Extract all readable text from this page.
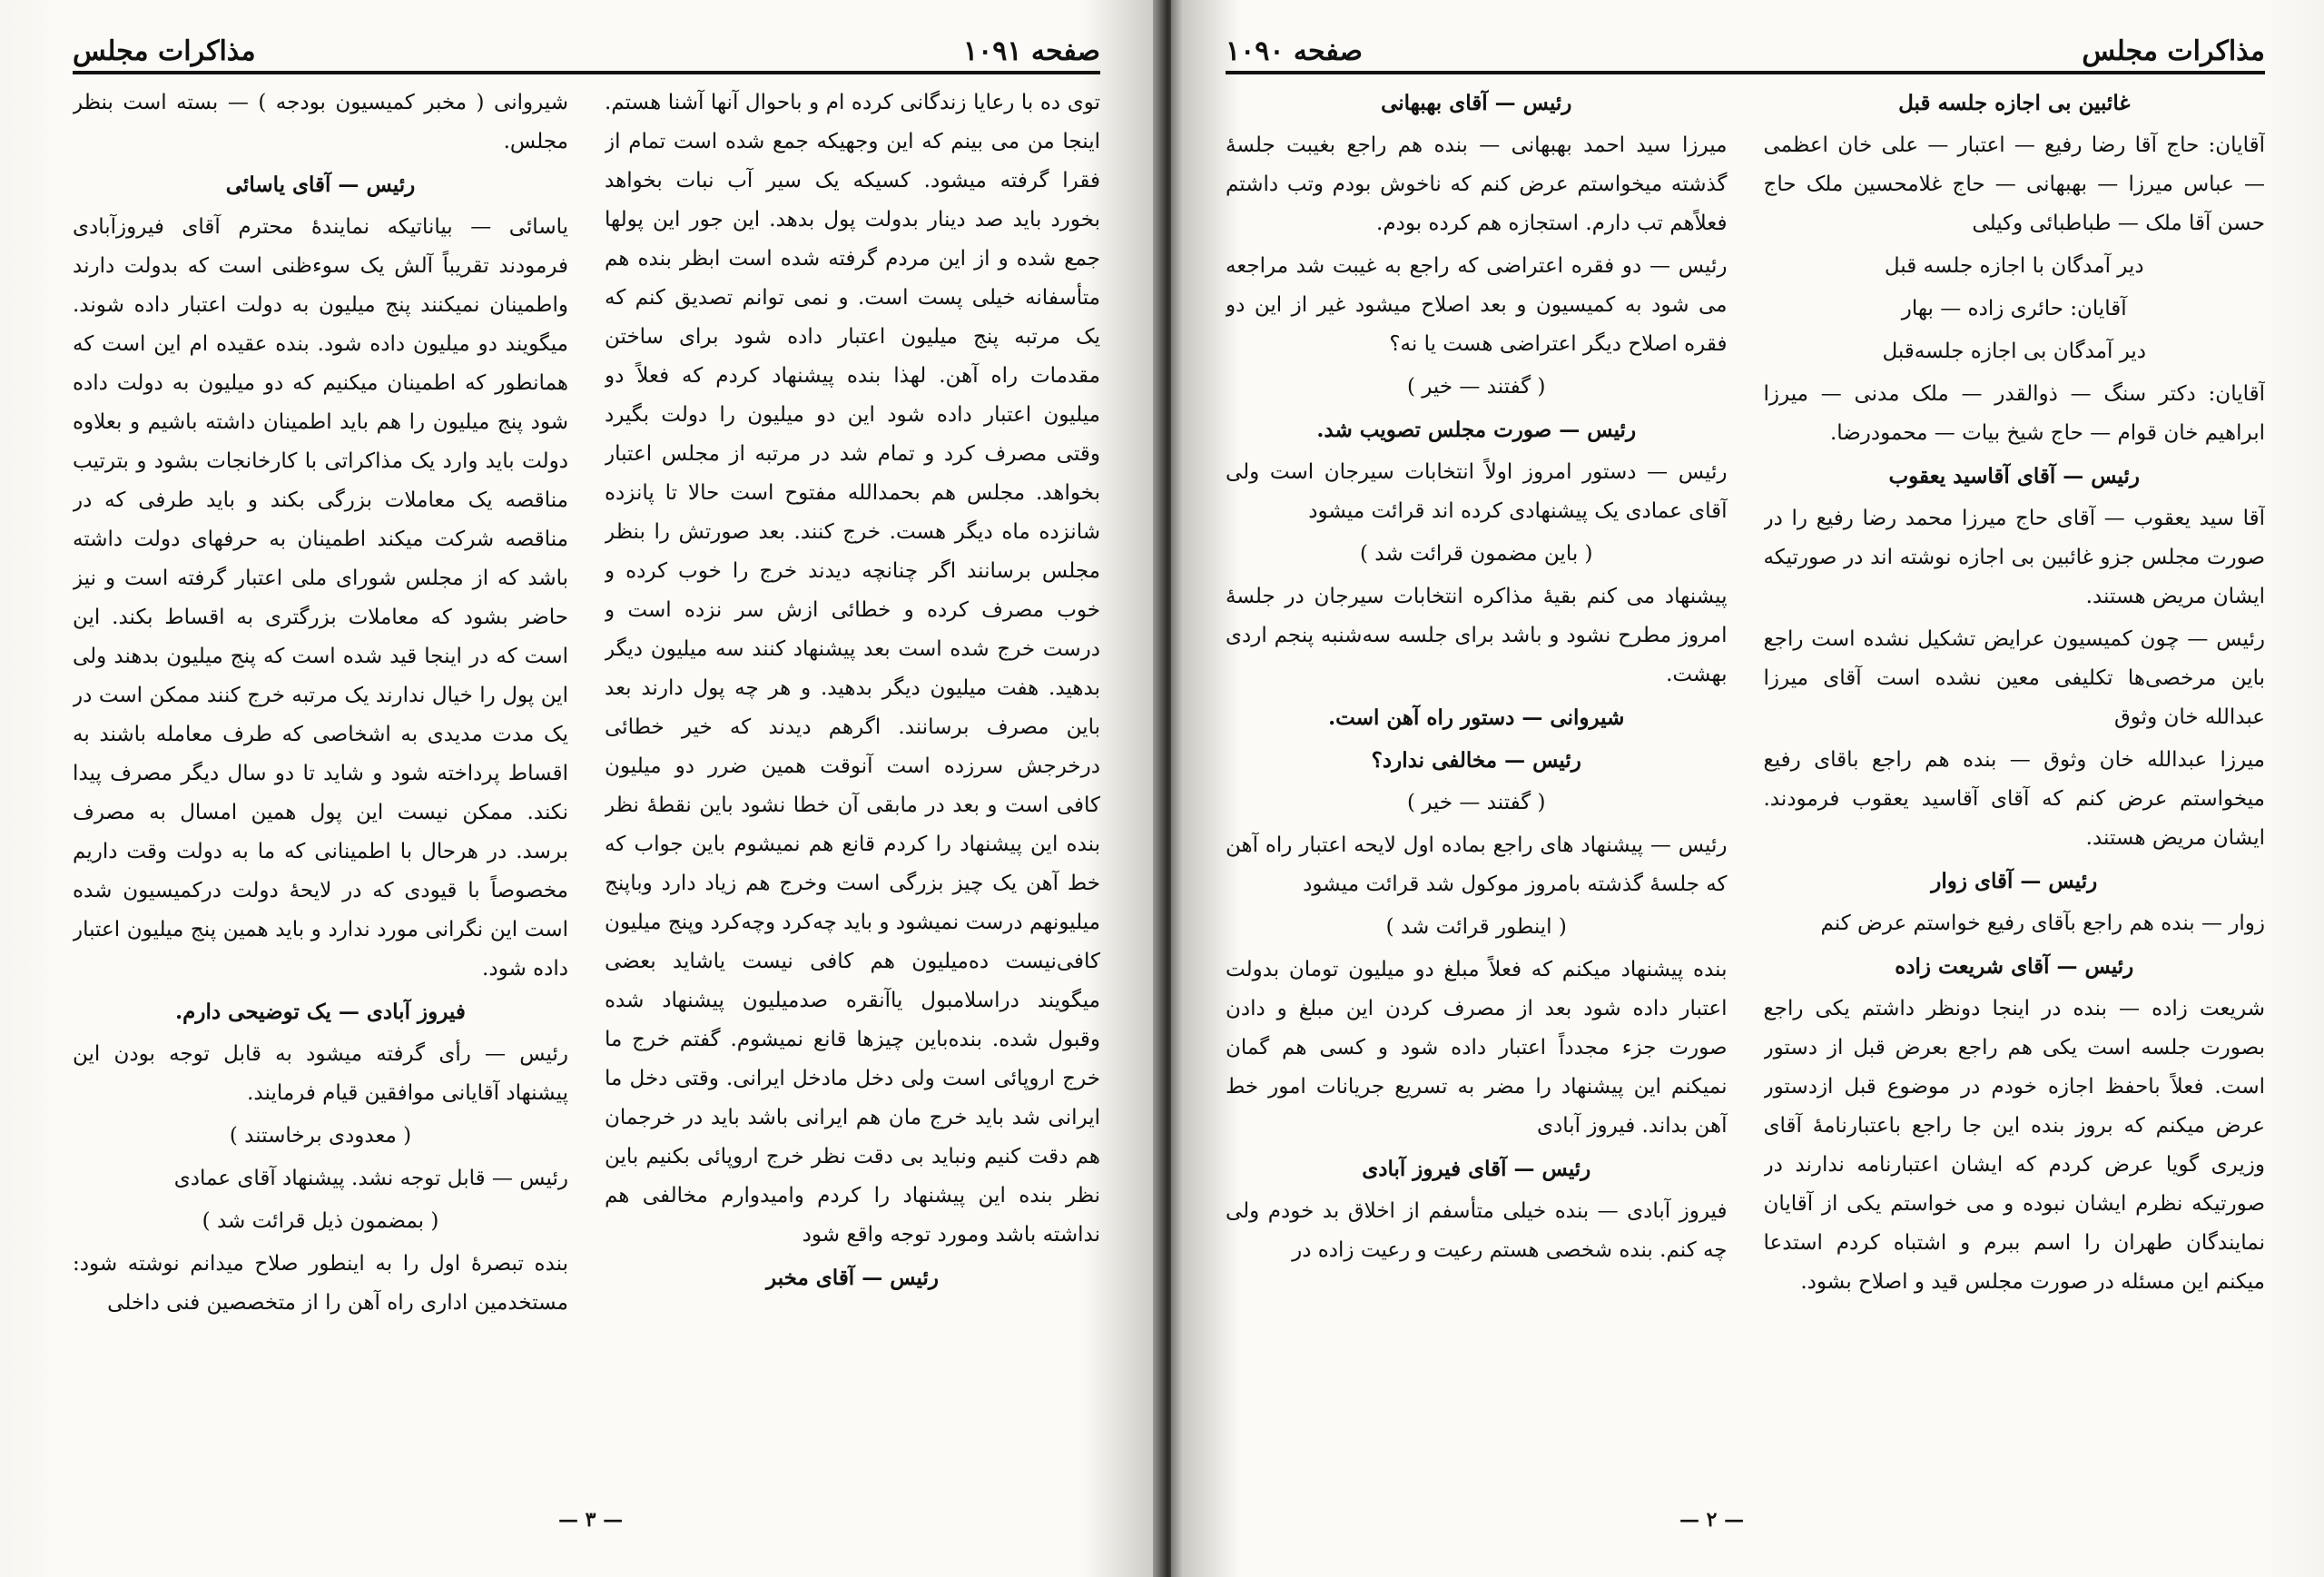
صفحه ۱۰۹۱
مذاکرات مجلس

توی ده با رعایا زندگانی کرده ام و باحوال آنها آشنا هستم. اینجا من می بینم که این وجهیکه جمع شده است تمام از فقرا گرفته میشود. کسیکه یک سیر آب نبات بخواهد بخورد باید صد دینار بدولت پول بدهد. این جور این پولها جمع شده و از این مردم گرفته شده است ابظر بنده هم متأسفانه خیلی پست است. و نمی توانم تصدیق کنم که یک مرتبه پنج میلیون اعتبار داده شود برای ساختن مقدمات راه آهن. لهذا بنده پیشنهاد کردم که فعلاً دو میلیون اعتبار داده شود این دو میلیون را دولت بگیرد وقتی مصرف کرد و تمام شد در مرتبه از مجلس اعتبار بخواهد. مجلس هم بحمدالله مفتوح است حالا تا پانزده شانزده ماه دیگر هست. خرج کنند. بعد صورتش را بنظر مجلس برسانند اگر چنانچه دیدند خرج را خوب کرده و خوب مصرف کرده و خطائی ازش سر نزده است و درست خرج شده است بعد پیشنهاد کنند سه میلیون دیگر بدهید. هفت میلیون دیگر بدهید. و هر چه پول دارند بعد باین مصرف برسانند. اگرهم دیدند که خیر خطائی درخرجش سرزده است آنوقت همین ضرر دو میلیون کافی است و بعد در مابقی آن خطا نشود باین نقطهٔ نظر بنده این پیشنهاد را کردم قانع هم نمیشوم باین جواب که خط آهن یک چیز بزرگی است وخرج هم زیاد دارد وباپنج میلیونهم درست نمیشود و باید چه‌کرد وچه‌کرد وپنج میلیون کافی‌نیست ده‌میلیون هم کافی نیست یاشاید بعضی میگویند دراسلامبول یاآنقره صدمیلیون پیشنهاد شده وقبول شده. بنده‌باین چیزها قانع نمیشوم. گفتم خرج ما خرج اروپائی است ولی دخل مادخل ایرانی. وقتی دخل ما ایرانی شد باید خرج مان هم ایرانی باشد باید در خرجمان هم دقت کنیم ونباید بی دقت نظر خرج اروپائی بکنیم باین نظر بنده این پیشنهاد را کردم وامیدوارم مخالفی هم نداشته باشد ومورد توجه واقع شود

رئیس — آقای مخبر

شیروانی ( مخبر کمیسیون بودجه ) — بسته است بنظر مجلس.

رئیس — آقای یاسائی

یاسائی — بیاناتیکه نمایندهٔ محترم آقای فیروزآبادی فرمودند تقریباً آلش یک سوءظنی است که بدولت دارند واطمینان نمیکنند پنج میلیون به دولت اعتبار داده شوند. میگویند دو میلیون داده شود. بنده عقیده ام این است که همانطور که اطمینان میکنیم که دو میلیون به دولت داده شود پنج میلیون را هم باید اطمینان داشته باشیم و بعلاوه دولت باید وارد یک مذاکراتی با کارخانجات بشود و بترتیب مناقصه یک معاملات بزرگی بکند و باید طرفی که در مناقصه شرکت میکند اطمینان به حرفهای دولت داشته باشد که از مجلس شورای ملی اعتبار گرفته است و نیز حاضر بشود که معاملات بزرگتری به اقساط بکند. این است که در اینجا قید شده است که پنج میلیون بدهند ولی این پول را خیال ندارند یک مرتبه خرج کنند ممکن است در یک مدت مدیدی به اشخاصی که طرف معامله باشند به اقساط پرداخته شود و شاید تا دو سال دیگر مصرف پیدا نکند. ممکن نیست این پول همین امسال به مصرف برسد. در هرحال با اطمینانی که ما به دولت وقت داریم مخصوصاً با قیودی که در لایحهٔ دولت درکمیسیون شده است این نگرانی مورد ندارد و باید همین پنج میلیون اعتبار داده شود.

فیروز آبادی — یک توضیحی دارم.

رئیس — رأی گرفته میشود به قابل توجه بودن این پیشنهاد آقایانی موافقین قیام فرمایند.

( معدودی برخاستند )

رئیس — قابل توجه نشد. پیشنهاد آقای عمادی

( بمضمون ذیل قرائت شد )

بنده تبصرهٔ اول را به اینطور صلاح میدانم نوشته شود: مستخدمین اداری راه آهن را از متخصصین فنی داخلی

— ۳ —
مذاکرات مجلس
صفحه ۱۰۹۰

غائبین بی اجازه جلسه قبل

آقایان: حاج آقا رضا رفیع — اعتبار — علی خان اعظمی — عباس میرزا — بهبهانی — حاج غلامحسین ملک حاج حسن آقا ملک — طباطبائی وکیلی

دیر آمدگان با اجازه جلسه قبل

آقایان: حائری زاده — بهار

دیر آمدگان بی اجازه جلسه‌قبل

آقایان: دکتر سنگ — ذوالقدر — ملک مدنی — میرزا ابراهیم خان قوام — حاج شیخ بیات — محمودرضا.

رئیس — آقای آقاسید یعقوب

آقا سید یعقوب — آقای حاج میرزا محمد رضا رفیع را در صورت مجلس جزو غائبین بی اجازه نوشته اند در صورتیکه ایشان مریض هستند.

رئیس — چون کمیسیون عرایض تشکیل نشده است راجع باین مرخصی‌ها تکلیفی معین نشده است آقای میرزا عبدالله خان وثوق

میرزا عبدالله خان وثوق — بنده هم راجع باقای رفیع میخواستم عرض کنم که آقای آقاسید یعقوب فرمودند. ایشان مریض هستند.

رئیس — آقای زوار

زوار — بنده هم راجع بآقای رفیع خواستم عرض کنم

رئیس — آقای شریعت زاده

شریعت زاده — بنده در اینجا دونظر داشتم یکی راجع بصورت جلسه است یکی هم راجع بعرض قبل از دستور است. فعلاً باحفظ اجازه خودم در موضوع قبل ازدستور عرض میکنم که بروز بنده این جا راجع باعتبارنامهٔ آقای وزیری گویا عرض کردم که ایشان اعتبارنامه ندارند در صورتیکه نظرم ایشان نبوده و می خواستم یکی از آقایان نمایندگان طهران را اسم ببرم و اشتباه کردم استدعا میکنم این مسئله در صورت مجلس قید و اصلاح بشود.

رئیس — آقای بهبهانی

میرزا سید احمد بهبهانی — بنده هم راجع بغیبت جلسهٔ گذشته میخواستم عرض کنم که ناخوش بودم وتب داشتم فعلاًهم تب دارم. استجازه هم کرده بودم.

رئیس — دو فقره اعتراضی که راجع به غیبت شد مراجعه می شود به کمیسیون و بعد اصلاح میشود غیر از این دو فقره اصلاح دیگر اعتراضی هست یا نه؟

( گفتند — خیر )

رئیس — صورت مجلس تصویب شد.

رئیس — دستور امروز اولاً انتخابات سیرجان است ولی آقای عمادی یک پیشنهادی کرده اند قرائت میشود

( باین مضمون قرائت شد )

پیشنهاد می کنم بقیهٔ مذاکره انتخابات سیرجان در جلسهٔ امروز مطرح نشود و باشد برای جلسه سه‌شنبه پنجم اردی بهشت.

شیروانی — دستور راه آهن است.

رئیس — مخالفی ندارد؟

( گفتند — خیر )

رئیس — پیشنهاد های راجع بماده اول لایحه اعتبار راه آهن که جلسهٔ گذشته بامروز موکول شد قرائت میشود

( اینطور قرائت شد )

بنده پیشنهاد میکنم که فعلاً مبلغ دو میلیون تومان بدولت اعتبار داده شود بعد از مصرف کردن این مبلغ و دادن صورت جزء مجدداً اعتبار داده شود و کسی هم گمان نمیکنم این پیشنهاد را مضر به تسریع جریانات امور خط آهن بداند. فیروز آبادی

رئیس — آقای فیروز آبادی

فیروز آبادی — بنده خیلی متأسفم از اخلاق بد خودم ولی چه کنم. بنده شخصی هستم رعیت و رعیت زاده در

— ۲ —
